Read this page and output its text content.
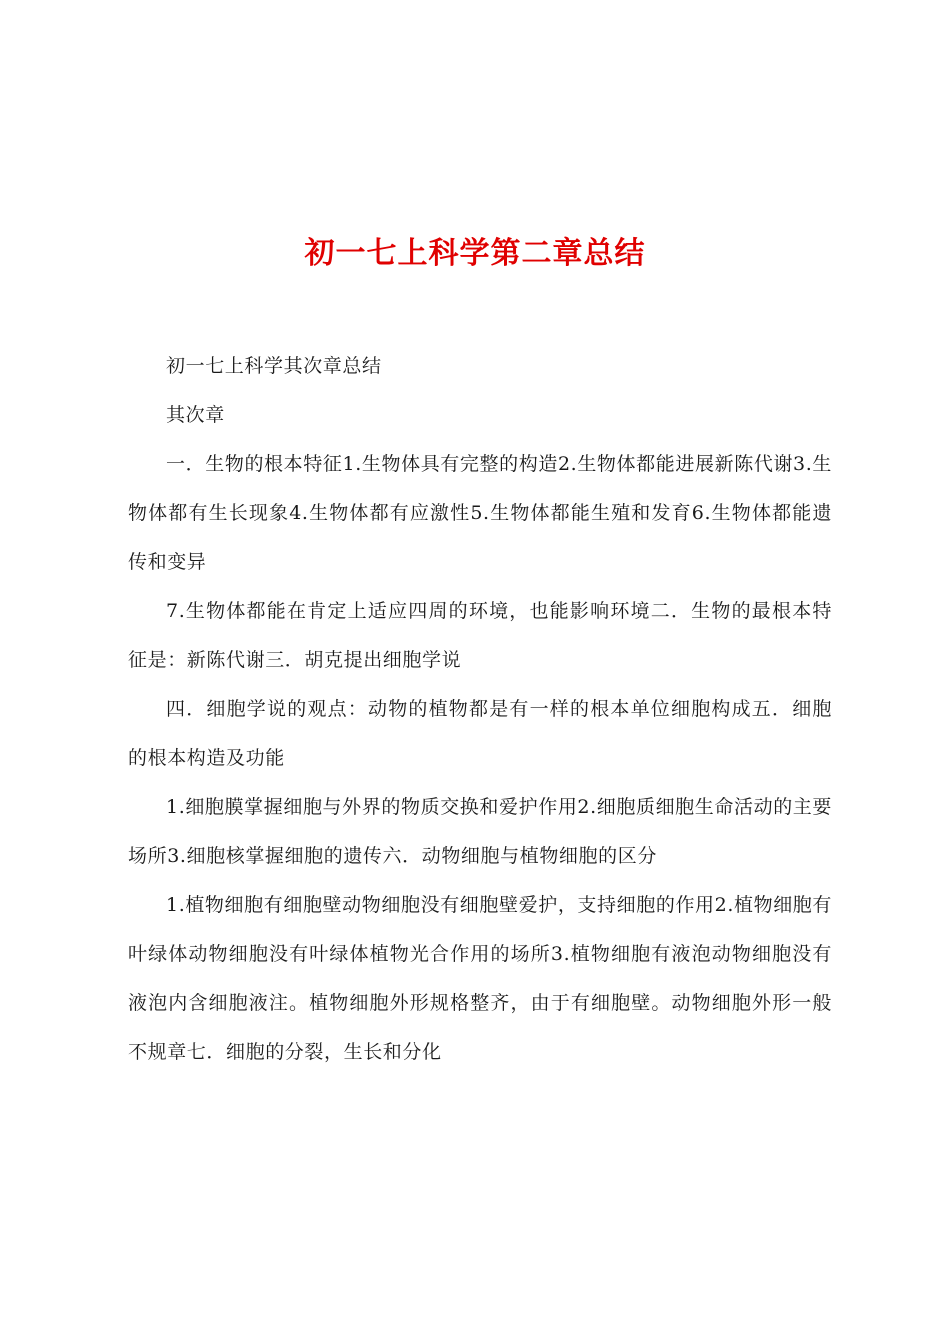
初一七上科学第二章总结

初一七上科学其次章总结

其次章

一．生物的根本特征1.生物体具有完整的构造2.生物体都能进展新陈代谢3.生物体都有生长现象4.生物体都有应激性5.生物体都能生殖和发育6.生物体都能遗传和变异

7.生物体都能在肯定上适应四周的环境，也能影响环境二．生物的最根本特征是：新陈代谢三．胡克提出细胞学说

四．细胞学说的观点：动物的植物都是有一样的根本单位细胞构成五．细胞的根本构造及功能

1.细胞膜掌握细胞与外界的物质交换和爱护作用2.细胞质细胞生命活动的主要场所3.细胞核掌握细胞的遗传六．动物细胞与植物细胞的区分

1.植物细胞有细胞壁动物细胞没有细胞壁爱护，支持细胞的作用2.植物细胞有叶绿体动物细胞没有叶绿体植物光合作用的场所3.植物细胞有液泡动物细胞没有液泡内含细胞液注。植物细胞外形规格整齐，由于有细胞壁。动物细胞外形一般不规章七．细胞的分裂，生长和分化
